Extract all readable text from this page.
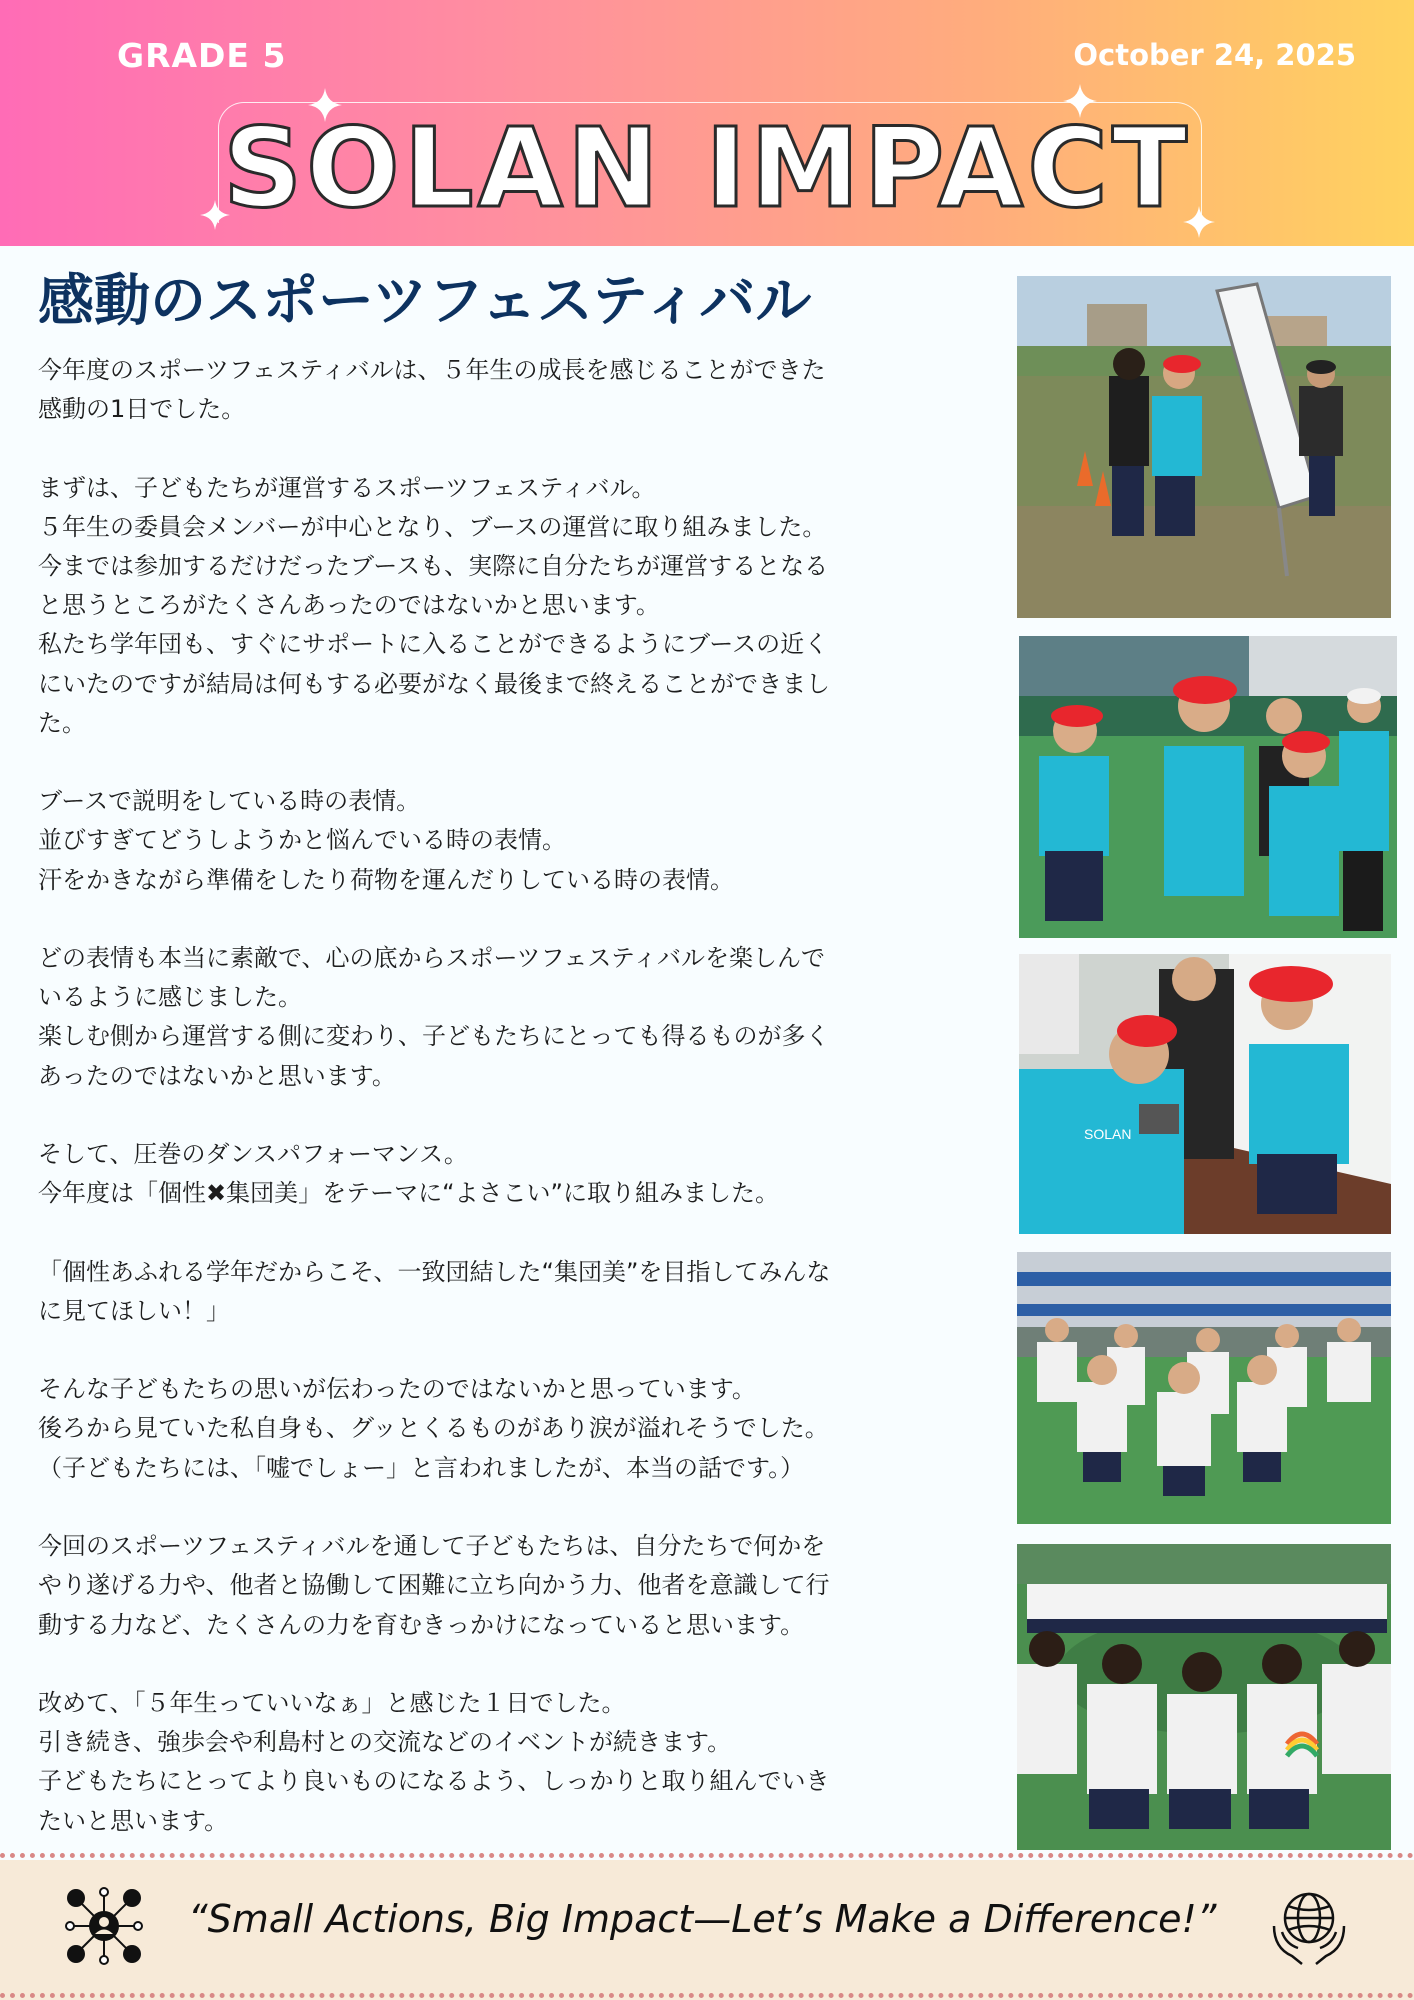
GRADE 5	October 24, 2025
SOLAN IMPACT
感動のスポーツフェスティバル

今年度のスポーツフェスティバルは、５年生の成長を感じることができた
感動の1日でした。

まずは、子どもたちが運営するスポーツフェスティバル。
５年生の委員会メンバーが中心となり、ブースの運営に取り組みました。
今までは参加するだけだったブースも、実際に自分たちが運営するとなる
と思うところがたくさんあったのではないかと思います。
私たち学年団も、すぐにサポートに入ることができるようにブースの近く
にいたのですが結局は何もする必要がなく最後まで終えることができまし
た。

ブースで説明をしている時の表情。
並びすぎてどうしようかと悩んでいる時の表情。
汗をかきながら準備をしたり荷物を運んだりしている時の表情。

どの表情も本当に素敵で、心の底からスポーツフェスティバルを楽しんで
いるように感じました。
楽しむ側から運営する側に変わり、子どもたちにとっても得るものが多く
あったのではないかと思います。

そして、圧巻のダンスパフォーマンス。
今年度は「個性✖集団美」をテーマに“よさこい”に取り組みました。

「個性あふれる学年だからこそ、一致団結した“集団美”を目指してみんな
に見てほしい！」

そんな子どもたちの思いが伝わったのではないかと思っています。
後ろから見ていた私自身も、グッとくるものがあり涙が溢れそうでした。
（子どもたちには、「嘘でしょー」と言われましたが、本当の話です。）

今回のスポーツフェスティバルを通して子どもたちは、自分たちで何かを
やり遂げる力や、他者と協働して困難に立ち向かう力、他者を意識して行
動する力など、たくさんの力を育むきっかけになっていると思います。

改めて、「５年生っていいなぁ」と感じた１日でした。
引き続き、強歩会や利島村との交流などのイベントが続きます。
子どもたちにとってより良いものになるよう、しっかりと取り組んでいき
たいと思います。

SOLAN
“Small Actions, Big Impact—Let’s Make a Difference!”
